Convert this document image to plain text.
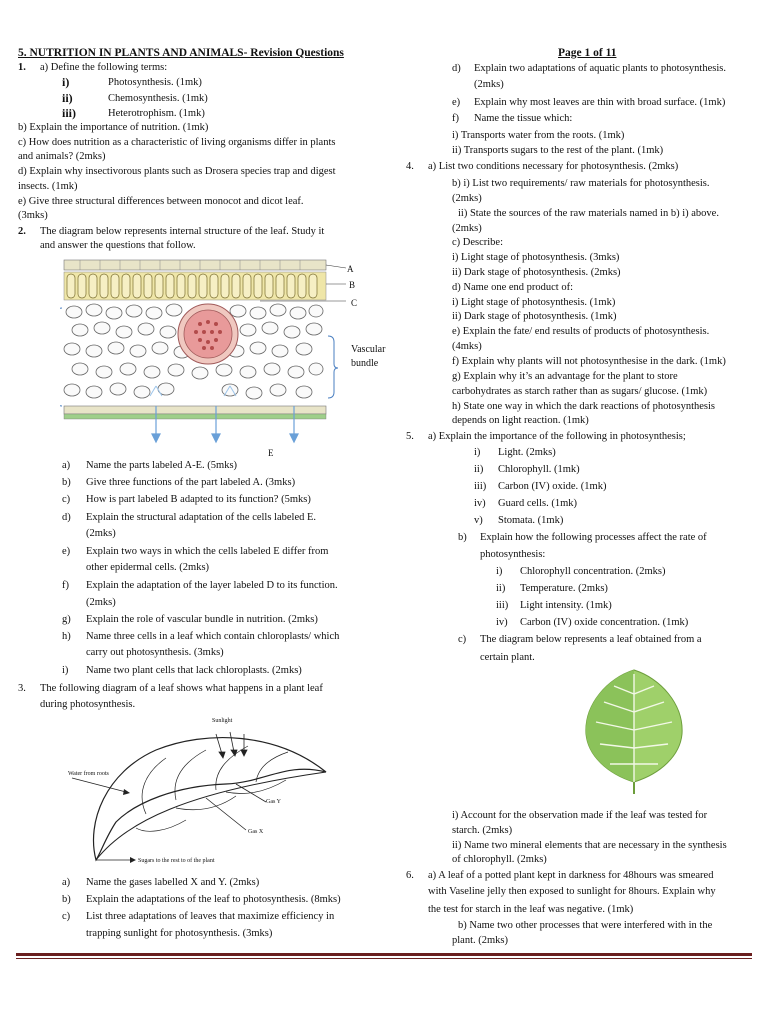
5. NUTRITION IN PLANTS AND ANIMALS- Revision Questions	Page 1 of 11
1. a) Define the following terms:
i)	Photosynthesis. (1mk)
ii)	Chemosynthesis. (1mk)
iii)	Heterotrophism. (1mk)
b) Explain the importance of nutrition. (1mk)
c) How does nutrition as a characteristic of living organisms differ in plants
and animals? (2mks)
d) Explain why insectivorous plants such as Drosera species trap and digest
insects. (1mk)
e) Give three structural differences between monocot and dicot leaf.
(3mks)
2. The diagram below represents internal structure of the leaf. Study it
and answer the questions that follow.
A
B
C
Vascular
bundle
E
a) Name the parts labeled A-E. (5mks)
b) Give three functions of the part labeled A. (3mks)
c) How is part labeled B adapted to its function? (5mks)
d) Explain the structural adaptation of the cells labeled E.
(2mks)
e) Explain two ways in which the cells labeled E differ from
other epidermal cells. (2mks)
f) Explain the adaptation of the layer labeled D to its function.
(2mks)
g) Explain the role of vascular bundle in nutrition. (2mks)
h) Name three cells in a leaf which contain chloroplasts/ which
carry out photosynthesis. (3mks)
i) Name two plant cells that lack chloroplasts. (2mks)
3. The following diagram of a leaf shows what happens in a plant leaf
during photosynthesis.
Sunlight
Water from roots
Gas Y
Gas X
Sugars to the rest to of the plant
a) Name the gases labelled X and Y. (2mks)
b) Explain the adaptations of the leaf to photosynthesis. (8mks)
c) List three adaptations of leaves that maximize efficiency in
trapping sunlight for photosynthesis. (3mks)
d) Explain two adaptations of aquatic plants to photosynthesis.
(2mks)
e) Explain why most leaves are thin with broad surface. (1mk)
f) Name the tissue which:
i) Transports water from the roots. (1mk)
ii) Transports sugars to the rest of the plant. (1mk)
4. a) List two conditions necessary for photosynthesis. (2mks)
b) i) List two requirements/ raw materials for photosynthesis.
(2mks)
ii) State the sources of the raw materials named in b) i) above.
(2mks)
c) Describe:
i) Light stage of photosynthesis. (3mks)
ii) Dark stage of photosynthesis. (2mks)
d) Name one end product of:
i) Light stage of photosynthesis. (1mk)
ii) Dark stage of photosynthesis. (1mk)
e) Explain the fate/ end results of products of photosynthesis.
(4mks)
f) Explain why plants will not photosynthesise in the dark. (1mk)
g) Explain why it’s an advantage for the plant to store
carbohydrates as starch rather than as sugars/ glucose. (1mk)
h) State one way in which the dark reactions of photosynthesis
depends on light reaction. (1mk)
5. a) Explain the importance of the following in photosynthesis;
i) Light. (2mks)
ii) Chlorophyll. (1mk)
iii) Carbon (IV) oxide. (1mk)
iv) Guard cells. (1mk)
v) Stomata. (1mk)
b) Explain how the following processes affect the rate of
photosynthesis:
i) Chlorophyll concentration. (2mks)
ii) Temperature. (2mks)
iii) Light intensity. (1mk)
iv) Carbon (IV) oxide concentration. (1mk)
c) The diagram below represents a leaf obtained from a
certain plant.
i) Account for the observation made if the leaf was tested for
starch. (2mks)
ii) Name two mineral elements that are necessary in the synthesis
of chlorophyll. (2mks)
6. a) A leaf of a potted plant kept in darkness for 48hours was smeared
with Vaseline jelly then exposed to sunlight for 8hours. Explain why
the test for starch in the leaf was negative. (1mk)
b) Name two other processes that were interfered with in the
plant. (2mks)
